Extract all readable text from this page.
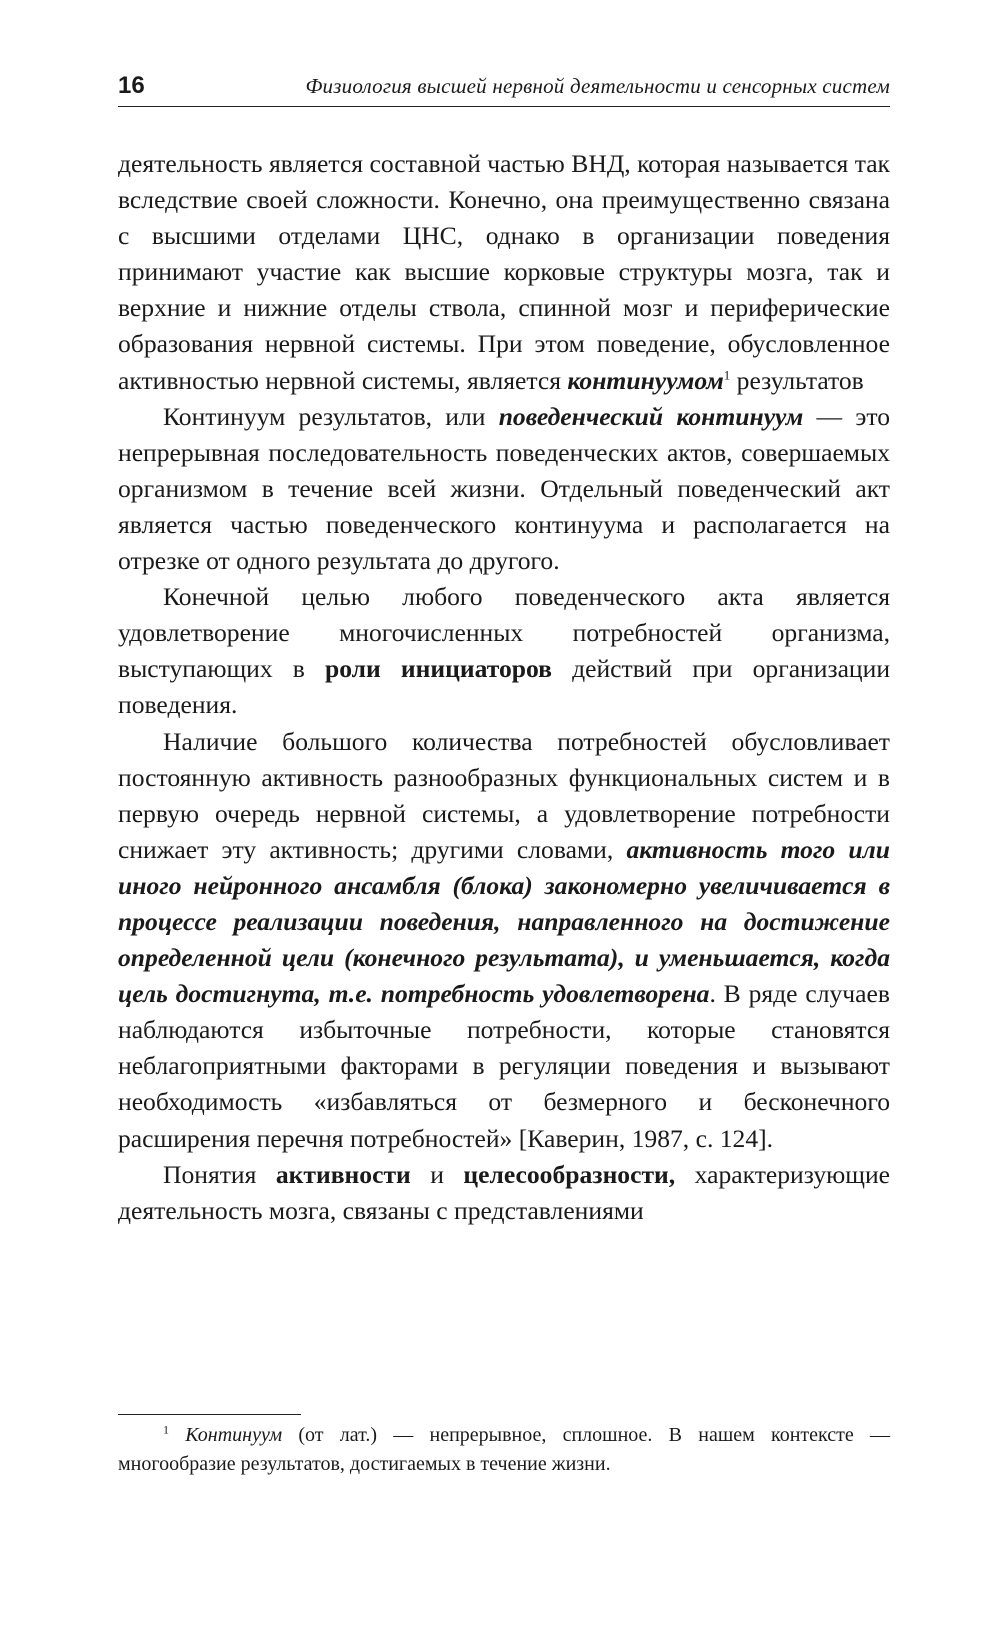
16	Физиология высшей нервной деятельности и сенсорных систем

деятельность является составной частью ВНД, которая называется так вследствие своей сложности. Конечно, она преимущественно связана с высшими отделами ЦНС, однако в организации поведения принимают участие как высшие корковые структуры мозга, так и верхние и нижние отделы ствола, спинной мозг и периферические образования нервной системы. При этом поведение, обусловленное активностью нервной системы, является континуумом$^1$ результатов

Континуум результатов, или поведенческий континуум — это непрерывная последовательность поведенческих актов, совершаемых организмом в течение всей жизни. Отдельный поведенческий акт является частью поведенческого континуума и располагается на отрезке от одного результата до другого.

Конечной целью любого поведенческого акта является удовлетворение многочисленных потребностей организма, выступающих в роли инициаторов действий при организации поведения.

Наличие большого количества потребностей обусловливает постоянную активность разнообразных функциональных систем и в первую очередь нервной системы, а удовлетворение потребности снижает эту активность; другими словами, активность того или иного нейронного ансамбля (блока) закономерно увеличивается в процессе реализации поведения, направленного на достижение определенной цели (конечного результата), и уменьшается, когда цель достигнута, т.е. потребность удовлетворена. В ряде случаев наблюдаются избыточные потребности, которые становятся неблагоприятными факторами в регуляции поведения и вызывают необходимость «избавляться от безмерного и бесконечного расширения перечня потребностей» [Каверин, 1987, с. 124].

Понятия активности и целесообразности, характеризующие деятельность мозга, связаны с представлениями

$^1$ Континуум (от лат.) — непрерывное, сплошное. В нашем контексте — многообразие результатов, достигаемых в течение жизни.
